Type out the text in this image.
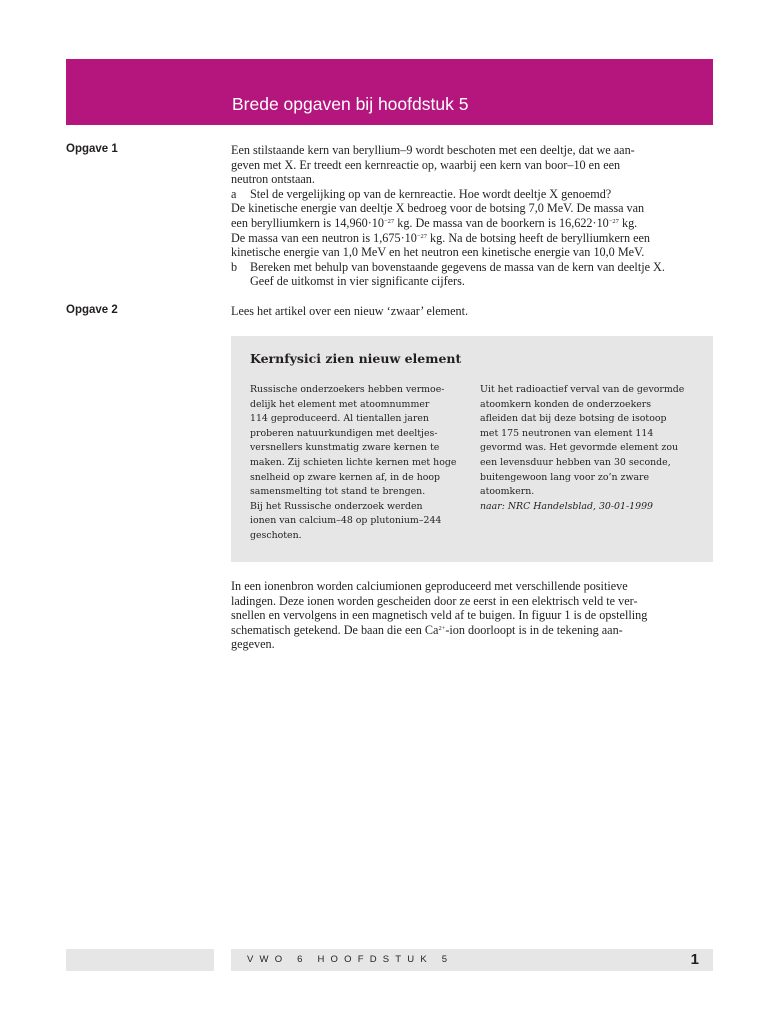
Brede opgaven bij hoofdstuk 5
Opgave 1	Een stilstaande kern van beryllium–9 wordt beschoten met een deeltje, dat we aan-

geven met X. Er treedt een kernreactie op, waarbij een kern van boor–10 en een

neutron ontstaan.

a	Stel de vergelijking op van de kernreactie. Hoe wordt deeltje X genoemd?

De kinetische energie van deeltje X bedroeg voor de botsing 7,0 MeV. De massa van

een berylliumkern is $14,960\cdot 10^{-27}$ kg. De massa van de boorkern is $16,622\cdot 10^{-27}$ kg.

De massa van een neutron is $1,675\cdot 10^{-27}$ kg. Na de botsing heeft de berylliumkern een

kinetische energie van 1,0 MeV en het neutron een kinetische energie van 10,0 MeV.

b	Bereken met behulp van bovenstaande gegevens de massa van de kern van deeltje X.
Geef de uitkomst in vier significante cijfers.
Opgave 2	Lees het artikel over een nieuw ‘zwaar’ element.

Kernfysici zien nieuw element

Russische onderzoekers hebben vermoe-

delijk het element met atoomnummer

114 geproduceerd. Al tientallen jaren

proberen natuurkundigen met deeltjes-

versnellers kunstmatig zware kernen te

maken. Zij schieten lichte kernen met hoge

snelheid op zware kernen af, in de hoop

samensmelting tot stand te brengen.

Bij het Russische onderzoek werden

ionen van calcium–48 op plutonium–244

geschoten.

Uit het radioactief verval van de gevormde

atoomkern konden de onderzoekers

afleiden dat bij deze botsing de isotoop

met 175 neutronen van element 114

gevormd was. Het gevormde element zou

een levensduur hebben van 30 seconde,

buitengewoon lang voor zo’n zware

atoomkern.

naar: NRC Handelsblad, 30-01-1999

In een ionenbron worden calciumionen geproduceerd met verschillende positieve

ladingen. Deze ionen worden gescheiden door ze eerst in een elektrisch veld te ver-

snellen en vervolgens in een magnetisch veld af te buigen. In figuur 1 is de opstelling

schematisch getekend. De baan die een $Ca^{2+}$-ion doorloopt is in de tekening aan-

gegeven.

VWO 6 HOOFDSTUK 5	1
